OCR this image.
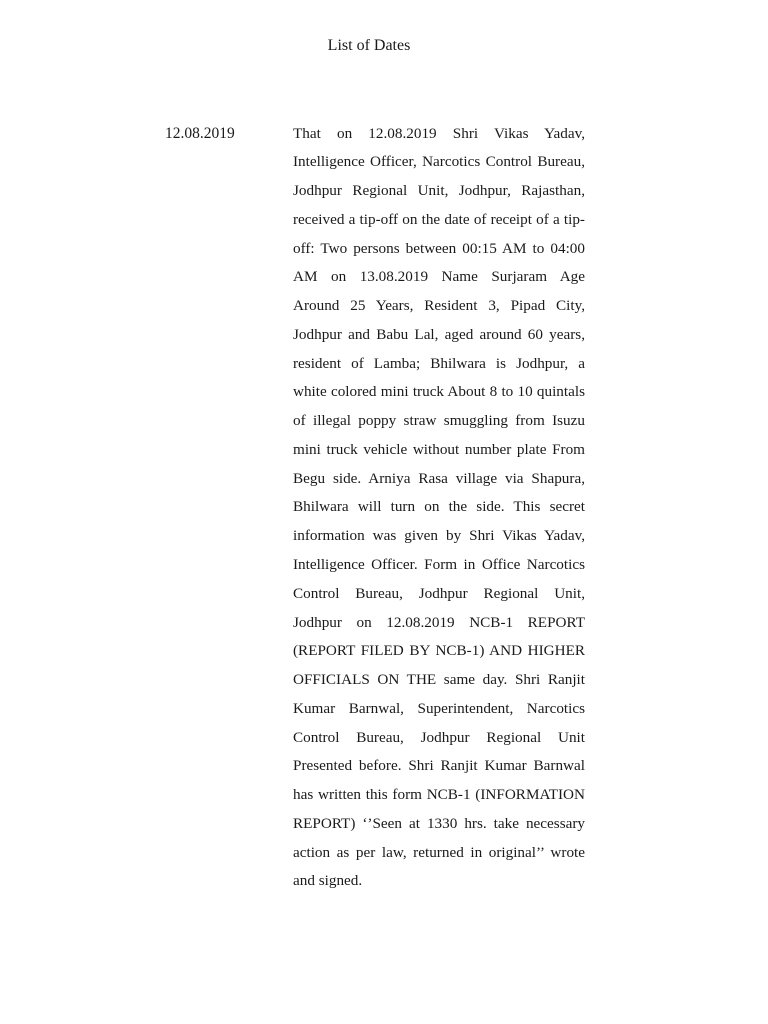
List of Dates
12.08.2019	That on 12.08.2019 Shri Vikas Yadav, Intelligence Officer, Narcotics Control Bureau, Jodhpur Regional Unit, Jodhpur, Rajasthan, received a tip-off on the date of receipt of a tip-off: Two persons between 00:15 AM to 04:00 AM on 13.08.2019 Name Surjaram Age Around 25 Years, Resident 3, Pipad City, Jodhpur and Babu Lal, aged around 60 years, resident of Lamba; Bhilwara is Jodhpur, a white colored mini truck About 8 to 10 quintals of illegal poppy straw smuggling from Isuzu mini truck vehicle without number plate From Begu side. Arniya Rasa village via Shapura, Bhilwara will turn on the side. This secret information was given by Shri Vikas Yadav, Intelligence Officer. Form in Office Narcotics Control Bureau, Jodhpur Regional Unit, Jodhpur on 12.08.2019 NCB-1 REPORT (REPORT FILED BY NCB-1) AND HIGHER OFFICIALS ON THE same day. Shri Ranjit Kumar Barnwal, Superintendent, Narcotics Control Bureau, Jodhpur Regional Unit Presented before. Shri Ranjit Kumar Barnwal has written this form NCB-1 (INFORMATION REPORT) ‘’Seen at 1330 hrs. take necessary action as per law, returned in original’’ wrote and signed.
